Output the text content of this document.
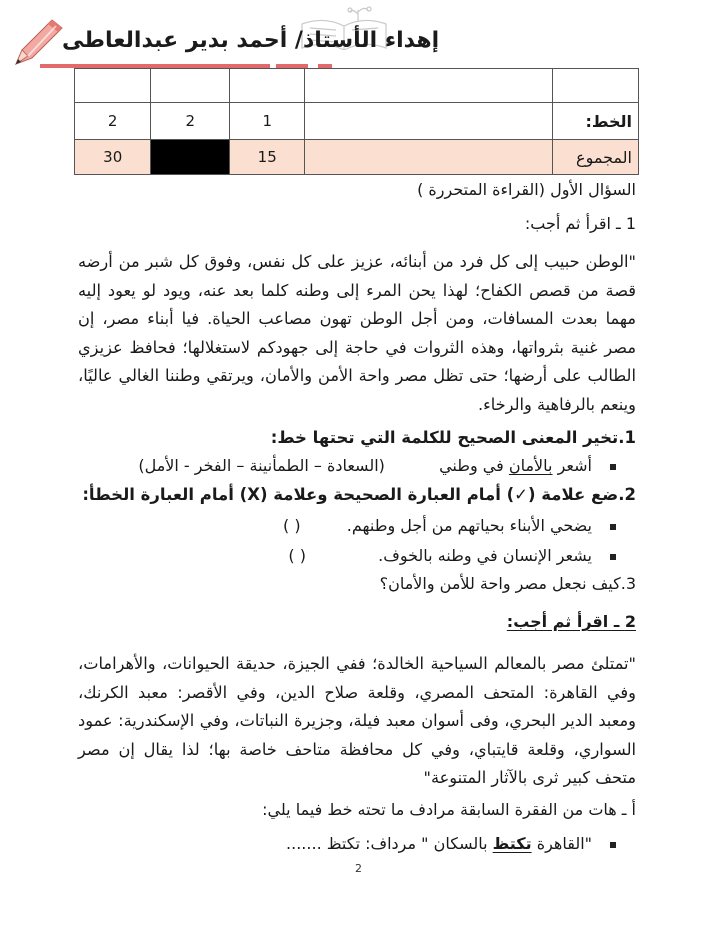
إهداء الأستاذ/ أحمد بدير عبدالعاطى

الخط:		1	2	2
المجموع		15		30
السؤال الأول (القراءة المتحررة )
1 ـ اقرأ ثم أجب:
"الوطن حبيب إلى كل فرد من أبنائه، عزيز على كل نفس، وفوق كل شبر من أرضه قصة من قصص الكفاح؛ لهذا يحن المرء إلى وطنه كلما بعد عنه، ويود لو يعود إليه مهما بعدت المسافات، ومن أجل الوطن تهون مصاعب الحياة. فيا أبناء مصر، إن مصر غنية بثرواتها، وهذه الثروات في حاجة إلى جهودكم لاستغلالها؛ فحافظ عزيزي الطالب على أرضها؛ حتى تظل مصر واحة الأمن والأمان، ويرتقي وطننا الغالي عاليًا، وينعم بالرفاهية والرخاء.
1.تخير المعنى الصحيح للكلمة التي تحتها خط:
أشعر بالأمان في وطني  (السعادة – الطمأنينة – الفخر - الأمل)
2.ضع علامة (✓) أمام العبارة الصحيحة وعلامة (X) أمام العبارة الخطأ:
يضحي الأبناء بحياتهم من أجل وطنهم.  ( )
يشعر الإنسان في وطنه بالخوف.  ( )
3.كيف نجعل مصر واحة للأمن والأمان؟
2 ـ اقرأ ثم أجب:
"تمتلئ مصر بالمعالم السياحية الخالدة؛ ففي الجيزة، حديقة الحيوانات، والأهرامات، وفي القاهرة: المتحف المصري، وقلعة صلاح الدين، وفي الأقصر: معبد الكرنك، ومعبد الدير البحري، وفى أسوان معبد فيلة، وجزيرة النباتات، وفي الإسكندرية: عمود السواري، وقلعة قايتباي، وفي كل محافظة متاحف خاصة بها؛ لذا يقال إن مصر متحف كبير ثرى بالآثار المتنوعة"
أ ـ هات من الفقرة السابقة مرادف ما تحته خط فيما يلي:
"القاهرة تكتظ بالسكان " مرداف: تكتظ .......
2
